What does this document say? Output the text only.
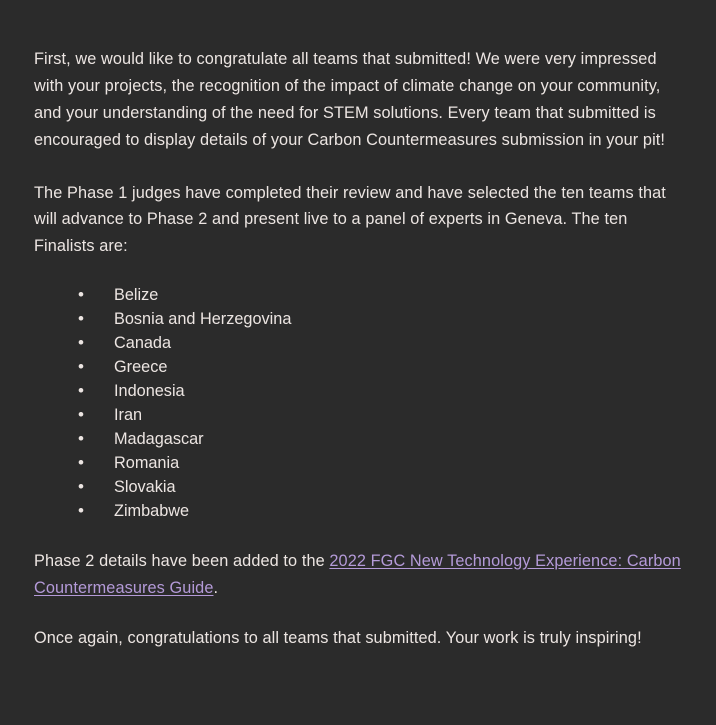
First, we would like to congratulate all teams that submitted! We were very impressed with your projects, the recognition of the impact of climate change on your community, and your understanding of the need for STEM solutions. Every team that submitted is encouraged to display details of your Carbon Countermeasures submission in your pit!

The Phase 1 judges have completed their review and have selected the ten teams that will advance to Phase 2 and present live to a panel of experts in Geneva. The ten Finalists are:

• Belize
• Bosnia and Herzegovina
• Canada
• Greece
• Indonesia
• Iran
• Madagascar
• Romania
• Slovakia
• Zimbabwe

Phase 2 details have been added to the 2022 FGC New Technology Experience: Carbon Countermeasures Guide.

Once again, congratulations to all teams that submitted. Your work is truly inspiring!
